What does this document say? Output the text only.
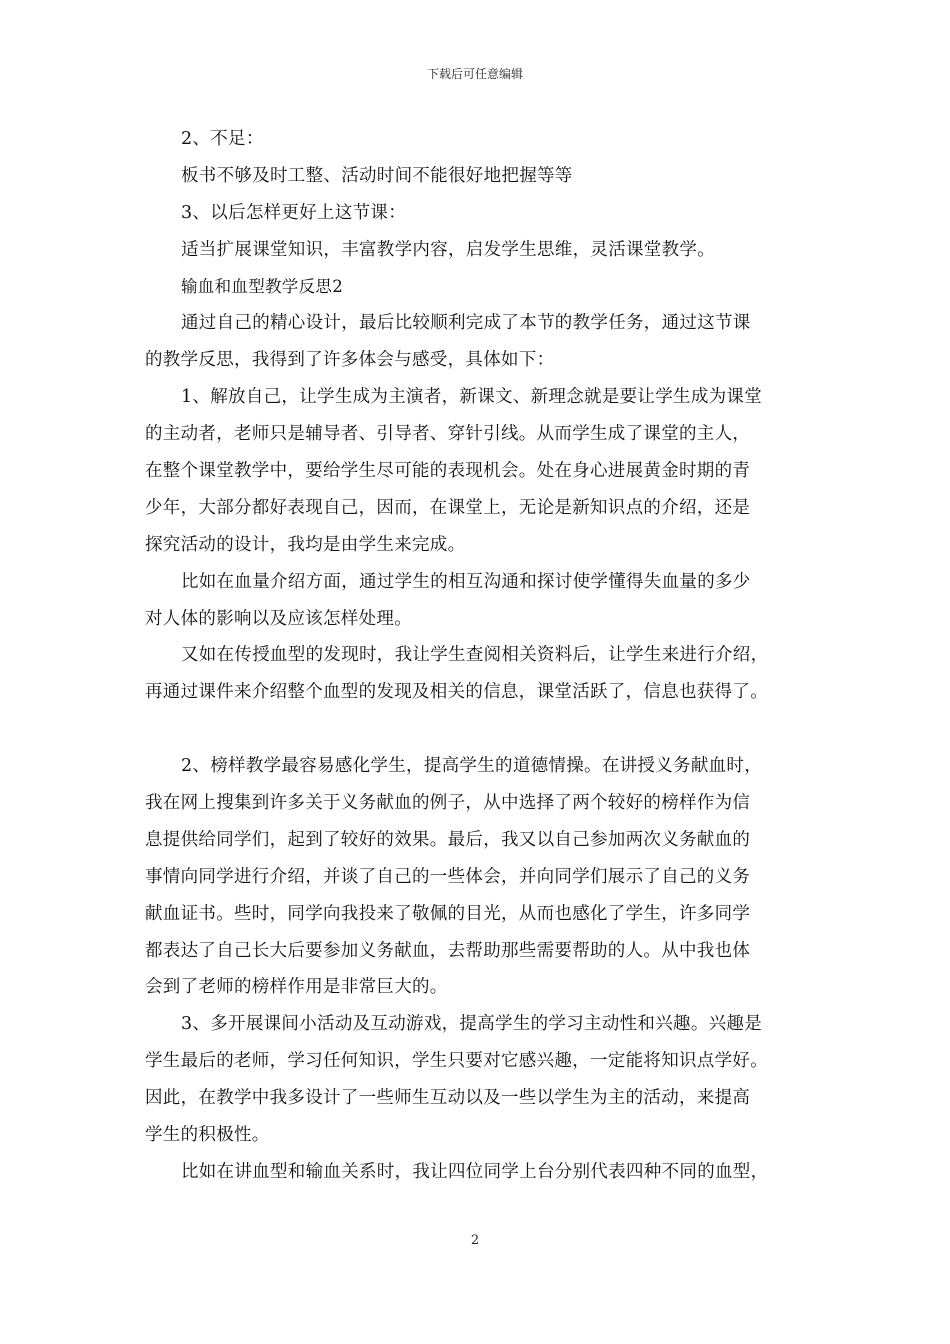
下载后可任意编辑
2、不足：
板书不够及时工整、活动时间不能很好地把握等等
3、以后怎样更好上这节课：
适当扩展课堂知识，丰富教学内容，启发学生思维，灵活课堂教学。
输血和血型教学反思2
通过自己的精心设计，最后比较顺利完成了本节的教学任务，通过这节课
的教学反思，我得到了许多体会与感受，具体如下：
1、解放自己，让学生成为主演者，新课文、新理念就是要让学生成为课堂
的主动者，老师只是辅导者、引导者、穿针引线。从而学生成了课堂的主人，
在整个课堂教学中，要给学生尽可能的表现机会。处在身心进展黄金时期的青
少年，大部分都好表现自己，因而，在课堂上，无论是新知识点的介绍，还是
探究活动的设计，我均是由学生来完成。
比如在血量介绍方面，通过学生的相互沟通和探讨使学懂得失血量的多少
对人体的影响以及应该怎样处理。
又如在传授血型的发现时，我让学生查阅相关资料后，让学生来进行介绍，
再通过课件来介绍整个血型的发现及相关的信息，课堂活跃了，信息也获得了。
2、榜样教学最容易感化学生，提高学生的道德情操。在讲授义务献血时，
我在网上搜集到许多关于义务献血的例子，从中选择了两个较好的榜样作为信
息提供给同学们，起到了较好的效果。最后，我又以自己参加两次义务献血的
事情向同学进行介绍，并谈了自己的一些体会，并向同学们展示了自己的义务
献血证书。些时，同学向我投来了敬佩的目光，从而也感化了学生，许多同学
都表达了自己长大后要参加义务献血，去帮助那些需要帮助的人。从中我也体
会到了老师的榜样作用是非常巨大的。
3、多开展课间小活动及互动游戏，提高学生的学习主动性和兴趣。兴趣是
学生最后的老师，学习任何知识，学生只要对它感兴趣，一定能将知识点学好。
因此，在教学中我多设计了一些师生互动以及一些以学生为主的活动，来提高
学生的积极性。
比如在讲血型和输血关系时，我让四位同学上台分别代表四种不同的血型，
2
